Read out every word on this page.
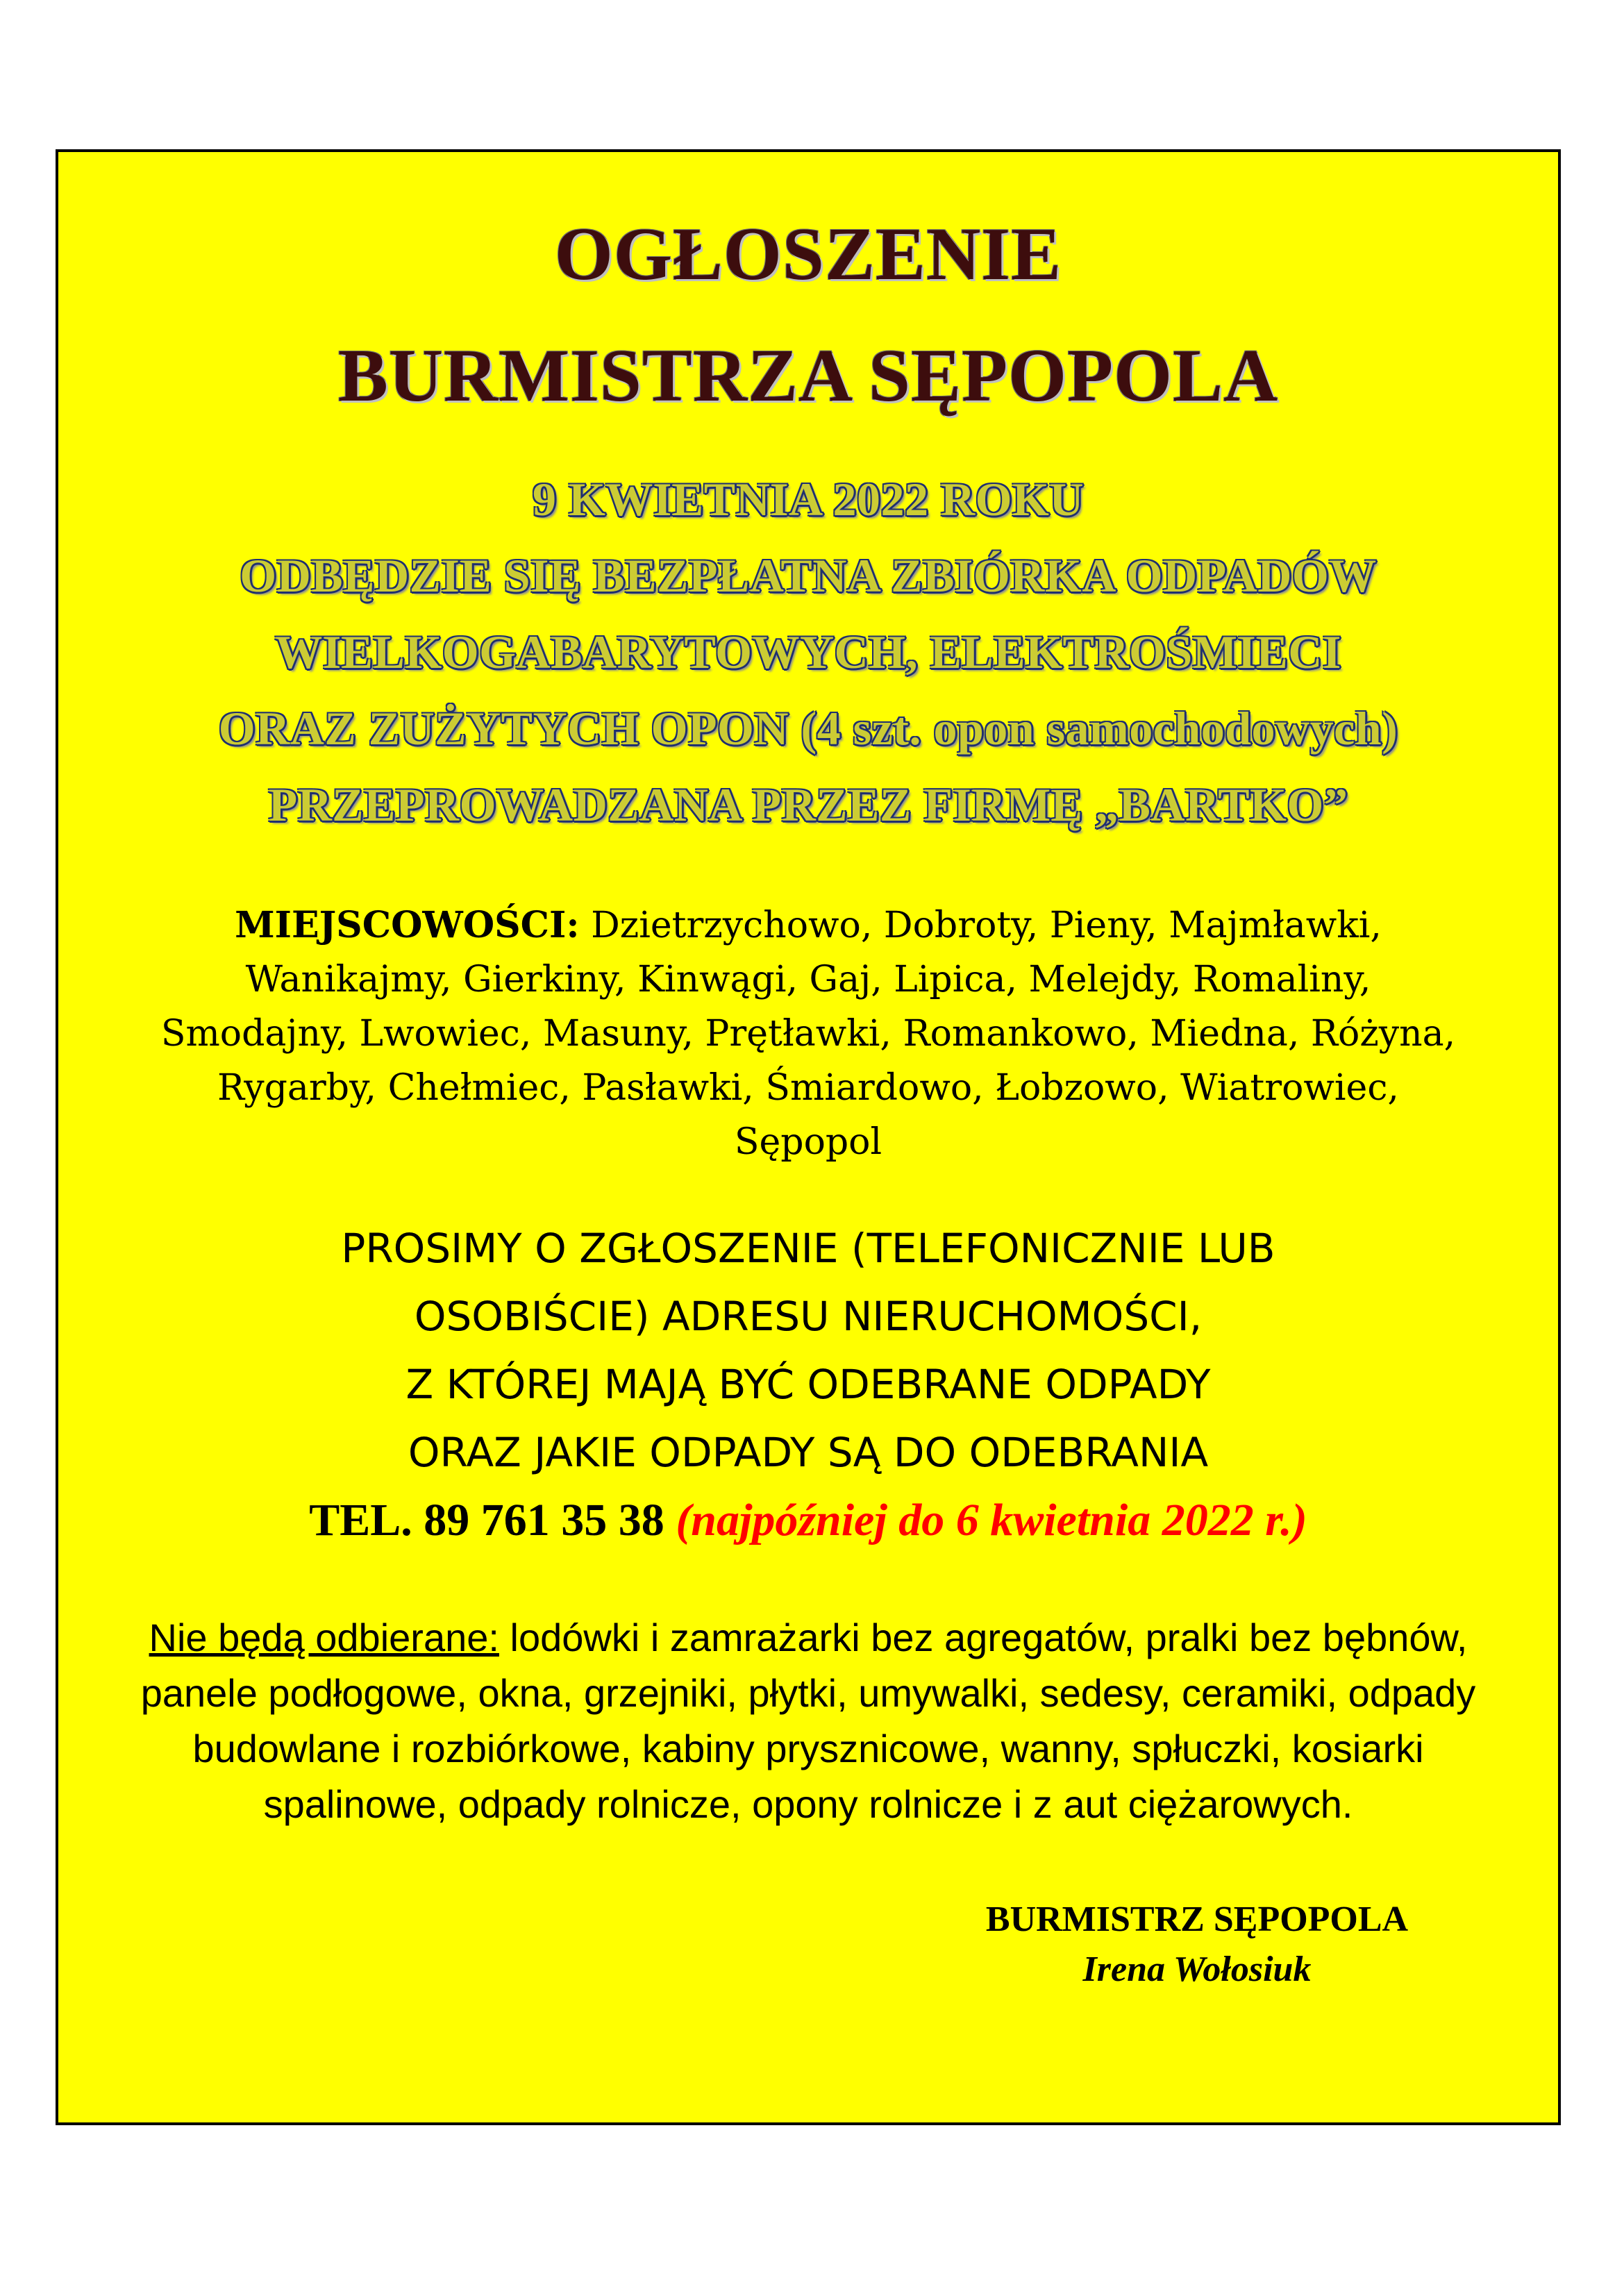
OGŁOSZENIE
BURMISTRZA SĘPOPOLA
9 KWIETNIA 2022 ROKU
ODBĘDZIE SIĘ BEZPŁATNA ZBIÓRKA ODPADÓW
WIELKOGABARYTOWYCH, ELEKTROŚMIECI
ORAZ ZUŻYTYCH OPON (4 szt. opon samochodowych)
PRZEPROWADZANA PRZEZ FIRMĘ „BARTKO”
MIEJSCOWOŚCI: Dzietrzychowo, Dobroty, Pieny, Majmławki,
Wanikajmy, Gierkiny, Kinwągi, Gaj, Lipica, Melejdy, Romaliny,
Smodajny, Lwowiec, Masuny, Prętławki, Romankowo, Miedna, Różyna,
Rygarby, Chełmiec, Pasławki, Śmiardowo, Łobzowo, Wiatrowiec,
Sępopol
PROSIMY O ZGŁOSZENIE (TELEFONICZNIE LUB
OSOBIŚCIE) ADRESU NIERUCHOMOŚCI,
Z KTÓREJ MAJĄ BYĆ ODEBRANE ODPADY
ORAZ JAKIE ODPADY SĄ DO ODEBRANIA
TEL. 89 761 35 38 (najpóźniej do 6 kwietnia 2022 r.)
Nie będą odbierane: lodówki i zamrażarki bez agregatów, pralki bez bębnów,
panele podłogowe, okna, grzejniki, płytki, umywalki, sedesy, ceramiki, odpady
budowlane i rozbiórkowe, kabiny prysznicowe, wanny, spłuczki, kosiarki
spalinowe, odpady rolnicze, opony rolnicze i z aut ciężarowych.
BURMISTRZ SĘPOPOLA
Irena Wołosiuk
